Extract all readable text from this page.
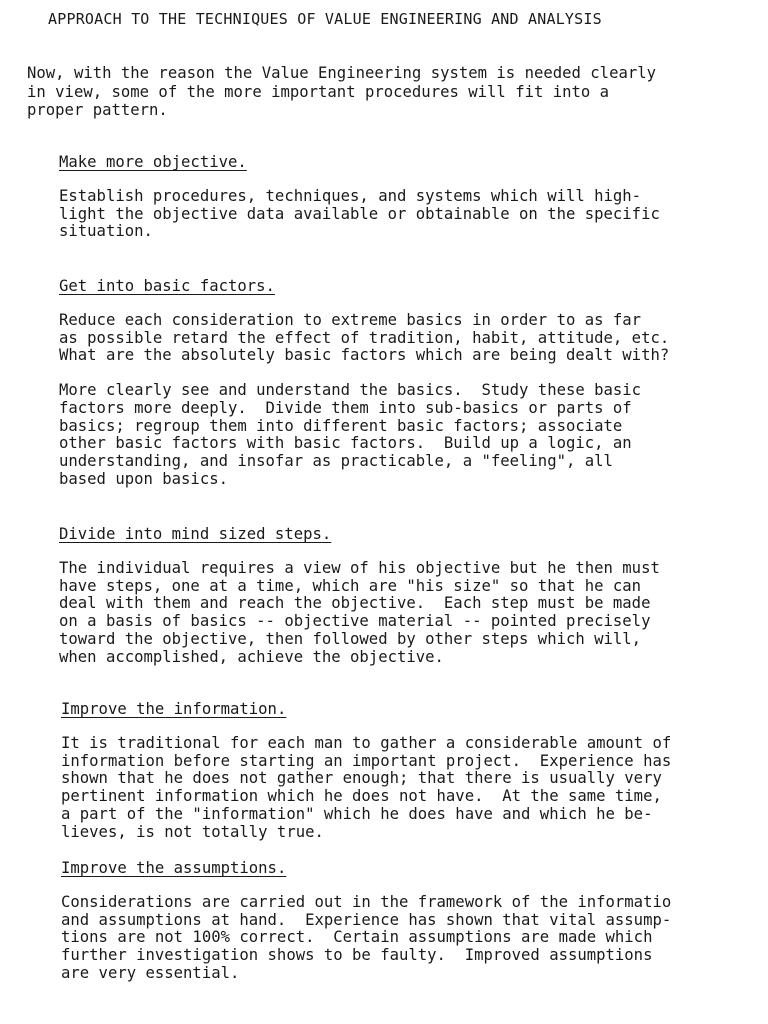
APPROACH TO THE TECHNIQUES OF VALUE ENGINEERING AND ANALYSIS

Now, with the reason the Value Engineering system is needed clearly
in view, some of the more important procedures will fit into a
proper pattern.

Make more objective.

Establish procedures, techniques, and systems which will high-
light the objective data available or obtainable on the specific
situation.

Get into basic factors.

Reduce each consideration to extreme basics in order to as far
as possible retard the effect of tradition, habit, attitude, etc.
What are the absolutely basic factors which are being dealt with?

More clearly see and understand the basics.  Study these basic
factors more deeply.  Divide them into sub-basics or parts of
basics; regroup them into different basic factors; associate
other basic factors with basic factors.  Build up a logic, an
understanding, and insofar as practicable, a "feeling", all
based upon basics.

Divide into mind sized steps.

The individual requires a view of his objective but he then must
have steps, one at a time, which are "his size" so that he can
deal with them and reach the objective.  Each step must be made
on a basis of basics -- objective material -- pointed precisely
toward the objective, then followed by other steps which will,
when accomplished, achieve the objective.

Improve the information.

It is traditional for each man to gather a considerable amount of
information before starting an important project.  Experience has
shown that he does not gather enough; that there is usually very
pertinent information which he does not have.  At the same time,
a part of the "information" which he does have and which he be-
lieves, is not totally true.

Improve the assumptions.

Considerations are carried out in the framework of the informatio
and assumptions at hand.  Experience has shown that vital assump-
tions are not 100% correct.  Certain assumptions are made which
further investigation shows to be faulty.  Improved assumptions
are very essential.
